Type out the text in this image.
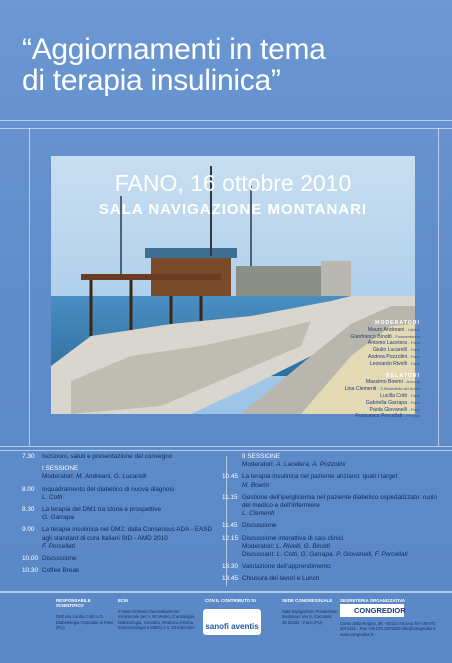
“Aggiornamenti in tema
di terapia insulinica”
FANO, 16 ottobre 2010
SALA NAVIGAZIONE MONTANARI
MODERATORI
Mauro Andreani - Urbino
Gianfranco Binotti - Fossombrone
Antonio Lacetera - Fano
Giulio Lucarelli - Fano
Andrea Pozzolini - Fano
Leonardo Rivelli - Fano
RELATORI
Massimo Boemi - Ancona
Lina Clementi - S.Benedetto del tronto
Lucilla Cotti - Fano
Gabriella Garrapa - Fano
Paola Giovanelli - Fano
Francesca Porcellati - Perugia
7.30	Iscrizioni, saluti e presentazione del convegno
I SESSIONE
Moderatori: M. Andreani, G. Lucarelli
8.00	Inquadramento del diabetico di nuova diagnosi
L. Cotti
8.30	La terapia del DM1 tra storia e prospettive
G. Garrapa
9.00	La terapia insulinica nel DM2: dalla Consensus ADA - EASD agli standard di cura Italiani SID - AMD 2010
F. Porcellati
10.00 Discussione
10.30 Coffee Break
II SESSIONE
Moderatori: A. Lacetera, A. Pozzolini
10.45 La terapia insulinica nel paziente anziano: quali i target
M. Boemi
11.15 Gestione dell’iperglicemia nel paziente diabetico ospedalizzato: ruolo del medico e dell’infermiere
L. Clementi
11.45 Discussione
12.15 Discussione interattiva di casi clinici
Moderatori: L. Rivelli, G. Binotti
Discussant: L. Cotti, G. Garrapa, P. Giovanelli, F. Porcellati
13.30 Valutazione dell’apprendimento
13.45 Chiusura dei lavori e Lunch
RESPONSABILE SCIENTIFICO
Dott.ssa Lucilla Cotti U.O. Diabetologia Ospedale di Fano (PU)
ECM
È stato richiesto l’accreditamento ministeriale per n. 80 Medici (Cardiologia, Diabetologia, Geriatria, Medicina Interna, Endocrinologia e MMG) e n. 25 Infermieri
CON IL CONTRIBUTO DI	SEDE CONGRESSUALE
Sala Navigazione Fondazione Montanari Via S. Caccianti, 36 61032 - Fano (PU)
SEGRETERIA ORGANIZZATIVA
Corso della Regina, 26 - 60122 Ancona Tel +39 071 2071411 - Fax +39 071 2075629 info@congredior.it www.congredior.it
sanofi aventis
CONGREDIOR
